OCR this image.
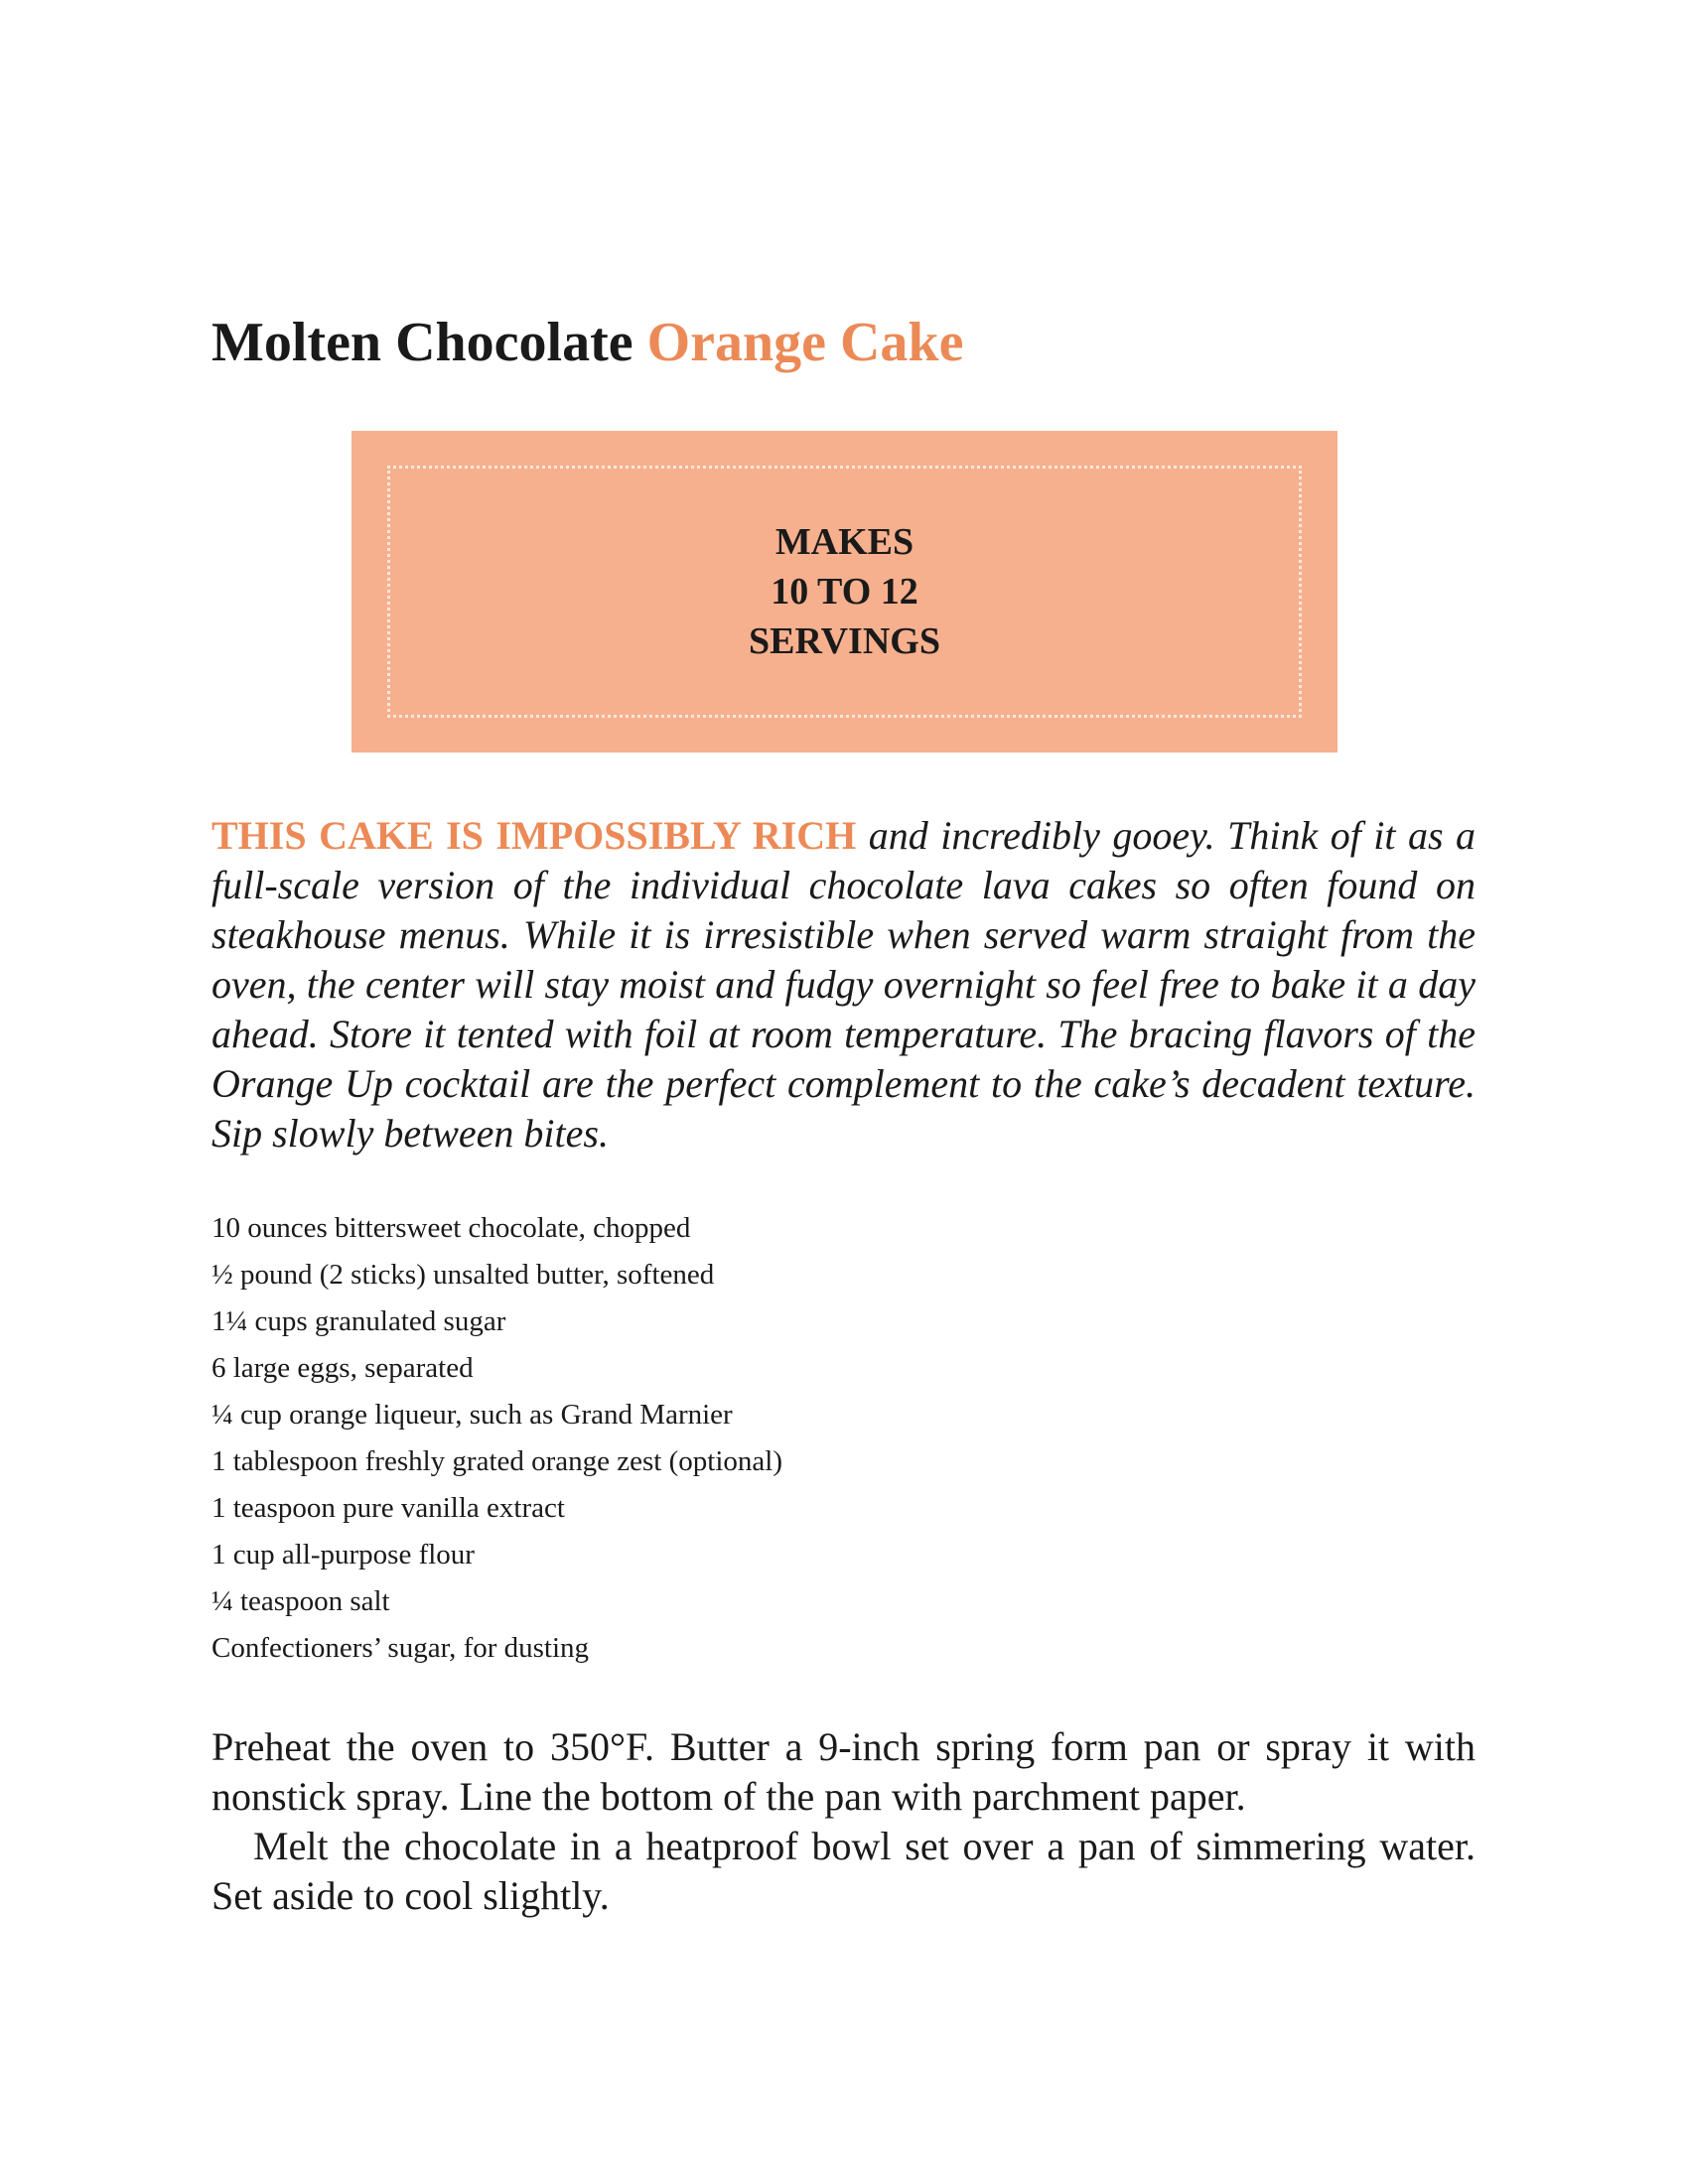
Molten Chocolate Orange Cake
MAKES
10 TO 12
SERVINGS

THIS CAKE IS IMPOSSIBLY RICH and incredibly gooey. Think of it as a full-scale version of the individual chocolate lava cakes so often found on steakhouse menus. While it is irresistible when served warm straight from the oven, the center will stay moist and fudgy overnight so feel free to bake it a day ahead. Store it tented with foil at room temperature. The bracing flavors of the Orange Up cocktail are the perfect complement to the cake’s decadent texture. Sip slowly between bites.

10 ounces bittersweet chocolate, chopped
½ pound (2 sticks) unsalted butter, softened
1¼ cups granulated sugar
6 large eggs, separated
¼ cup orange liqueur, such as Grand Marnier
1 tablespoon freshly grated orange zest (optional)
1 teaspoon pure vanilla extract
1 cup all-purpose flour
¼ teaspoon salt
Confectioners’ sugar, for dusting

Preheat the oven to 350°F. Butter a 9-inch spring form pan or spray it with nonstick spray. Line the bottom of the pan with parchment paper.

Melt the chocolate in a heatproof bowl set over a pan of simmering water. Set aside to cool slightly.
